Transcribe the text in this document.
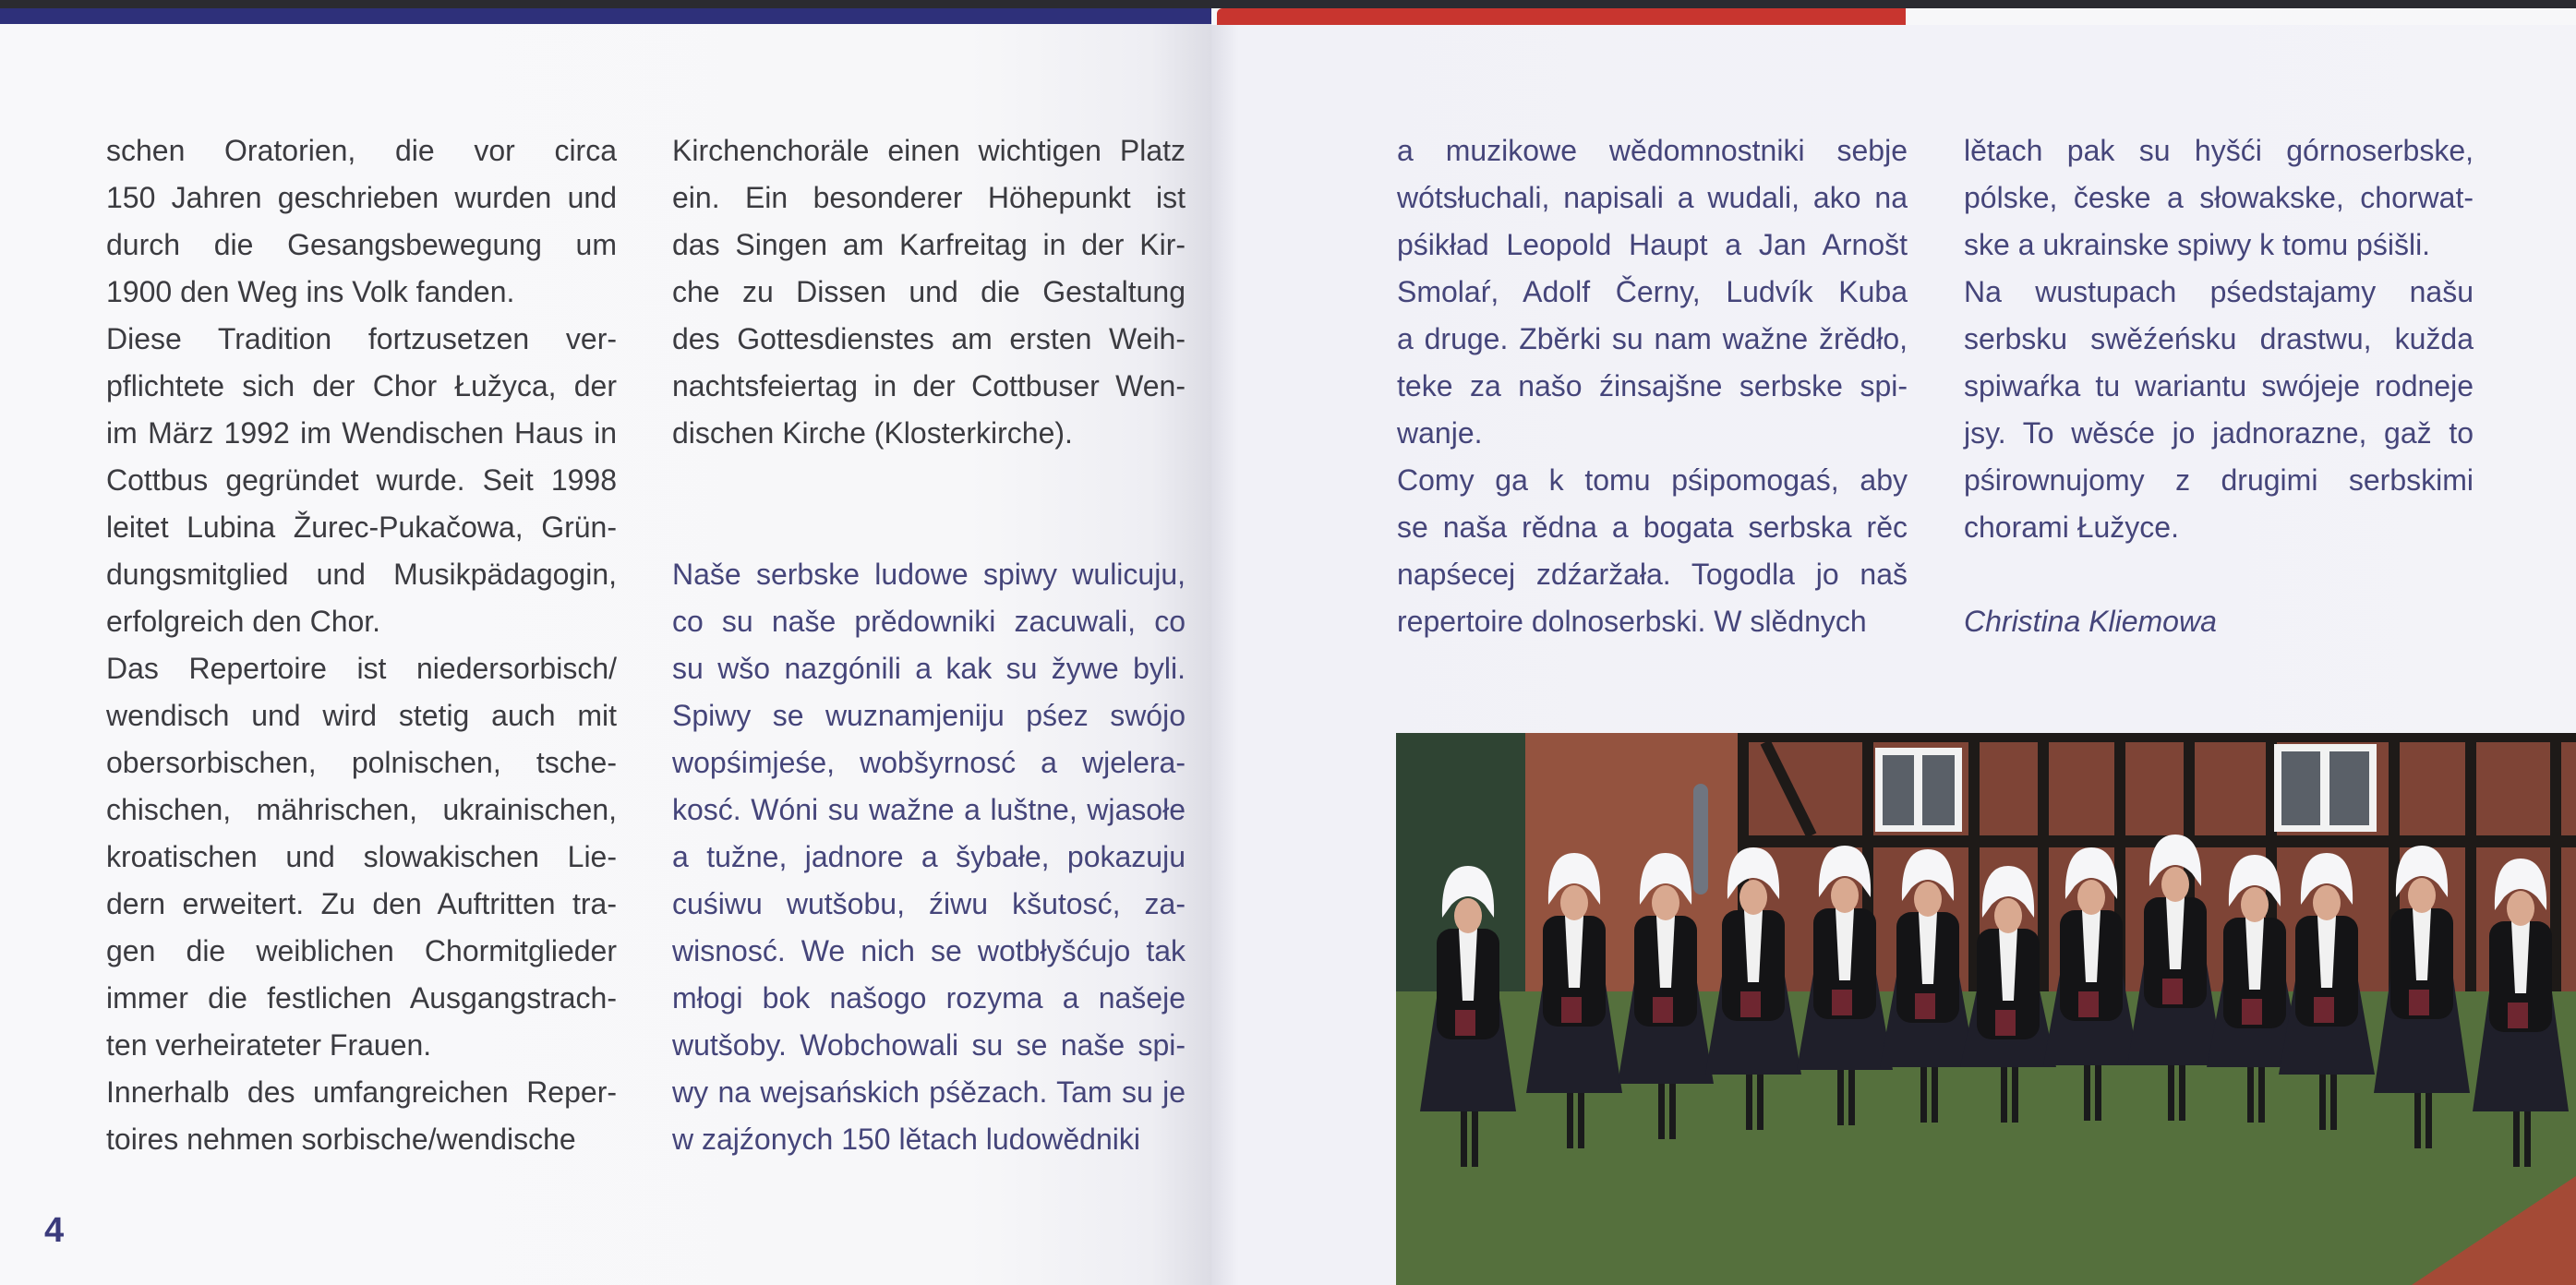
schen Oratorien, die vor circa
150 Jahren geschrieben wurden und
durch die Gesangsbewegung um
1900 den Weg ins Volk fanden.
Diese Tradition fortzusetzen ver-
pflichtete sich der Chor Łužyca, der
im März 1992 im Wendischen Haus in
Cottbus gegründet wurde. Seit 1998
leitet Lubina Žurec-Pukačowa, Grün-
dungsmitglied und Musikpädagogin,
erfolgreich den Chor.
Das Repertoire ist niedersorbisch/
wendisch und wird stetig auch mit
obersorbischen, polnischen, tsche-
chischen, mährischen, ukrainischen,
kroatischen und slowakischen Lie-
dern erweitert. Zu den Auftritten tra-
gen die weiblichen Chormitglieder
immer die festlichen Ausgangstrach-
ten verheirateter Frauen.
Innerhalb des umfangreichen Reper-
toires nehmen sorbische/wendische
Kirchenchoräle einen wichtigen Platz
ein. Ein besonderer Höhepunkt ist
das Singen am Karfreitag in der Kir-
che zu Dissen und die Gestaltung
des Gottesdienstes am ersten Weih-
nachtsfeiertag in der Cottbuser Wen-
dischen Kirche (Klosterkirche).
Naše serbske ludowe spiwy wulicuju,
co su naše prědowniki zacuwali, co
su wšo nazgónili a kak su žywe byli.
Spiwy se wuznamjeniju pśez swójo
wopśimjeśe, wobšyrnosć a wjelera-
kosć. Wóni su wažne a luštne, wjasołe
a tužne, jadnore a šybałe, pokazuju
cuśiwu wutšobu, źiwu kšutosć, za-
wisnosć. We nich se wotbłyšćujo tak
młogi bok našogo rozyma a našeje
wutšoby. Wobchowali su se naše spi-
wy na wejsańskich pśězach. Tam su je
w zajźonych 150 lětach ludowědniki
a muzikowe wědomnostniki sebje
wótsłuchali, napisali a wudali, ako na
pśikład Leopold Haupt a Jan Arnošt
Smolaŕ, Adolf Černy, Ludvík Kuba
a druge. Zběrki su nam wažne žrědło,
teke za našo źinsajšne serbske spi-
wanje.
Comy ga k tomu pśipomogaś, aby
se naša rědna a bogata serbska rěc
napśecej zdźaržała. Togodla jo naš
repertoire dolnoserbski. W slědnych
lětach pak su hyšći górnoserbske,
pólske, česke a słowakske, chorwat-
ske a ukrainske spiwy k tomu pśišli.
Na wustupach pśedstajamy našu
serbsku swěźeńsku drastwu, kužda
spiwaŕka tu wariantu swójeje rodneje
jsy. To wěsće jo jadnorazne, gaž to
pśirownujomy z drugimi serbskimi
chorami Łužyce.
Christina Kliemowa
4
